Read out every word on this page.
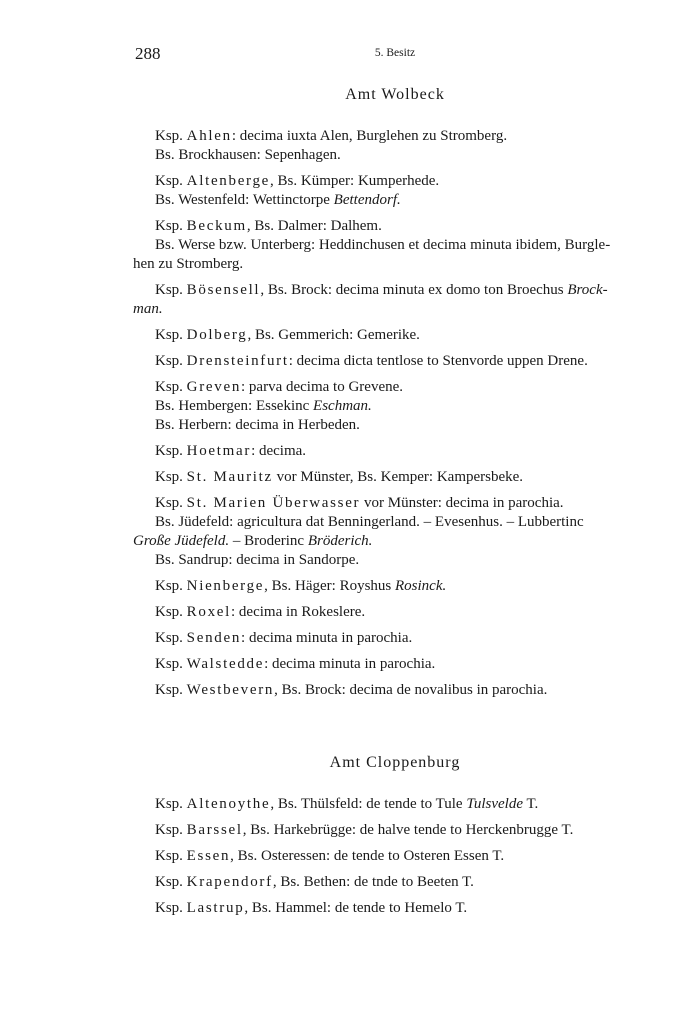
288	5. Besitz
Amt Wolbeck
Ksp. Ahlen: decima iuxta Alen, Burglehen zu Stromberg.
Bs. Brockhausen: Sepenhagen.
Ksp. Altenberge, Bs. Kümper: Kumperhede.
Bs. Westenfeld: Wettinctorpe Bettendorf.
Ksp. Beckum, Bs. Dalmer: Dalhem.
Bs. Werse bzw. Unterberg: Heddinchusen et decima minuta ibidem, Burgle-
hen zu Stromberg.
Ksp. Bösensell, Bs. Brock: decima minuta ex domo ton Broechus Brock-
man.
Ksp. Dolberg, Bs. Gemmerich: Gemerike.
Ksp. Drensteinfurt: decima dicta tentlose to Stenvorde uppen Drene.
Ksp. Greven: parva decima to Grevene.
Bs. Hembergen: Essekinc Eschman.
Bs. Herbern: decima in Herbeden.
Ksp. Hoetmar: decima.
Ksp. St. Mauritz vor Münster, Bs. Kemper: Kampersbeke.
Ksp. St. Marien Überwasser vor Münster: decima in parochia.
Bs. Jüdefeld: agricultura dat Benningerland. – Evesenhus. – Lubbertinc
Große Jüdefeld. – Broderinc Bröderich.
Bs. Sandrup: decima in Sandorpe.
Ksp. Nienberge, Bs. Häger: Royshus Rosinck.
Ksp. Roxel: decima in Rokeslere.
Ksp. Senden: decima minuta in parochia.
Ksp. Walstedde: decima minuta in parochia.
Ksp. Westbevern, Bs. Brock: decima de novalibus in parochia.
Amt Cloppenburg
Ksp. Altenoythe, Bs. Thülsfeld: de tende to Tule Tulsvelde T.
Ksp. Barssel, Bs. Harkebrügge: de halve tende to Herckenbrugge T.
Ksp. Essen, Bs. Osteressen: de tende to Osteren Essen T.
Ksp. Krapendorf, Bs. Bethen: de tnde to Beeten T.
Ksp. Lastrup, Bs. Hammel: de tende to Hemelo T.
